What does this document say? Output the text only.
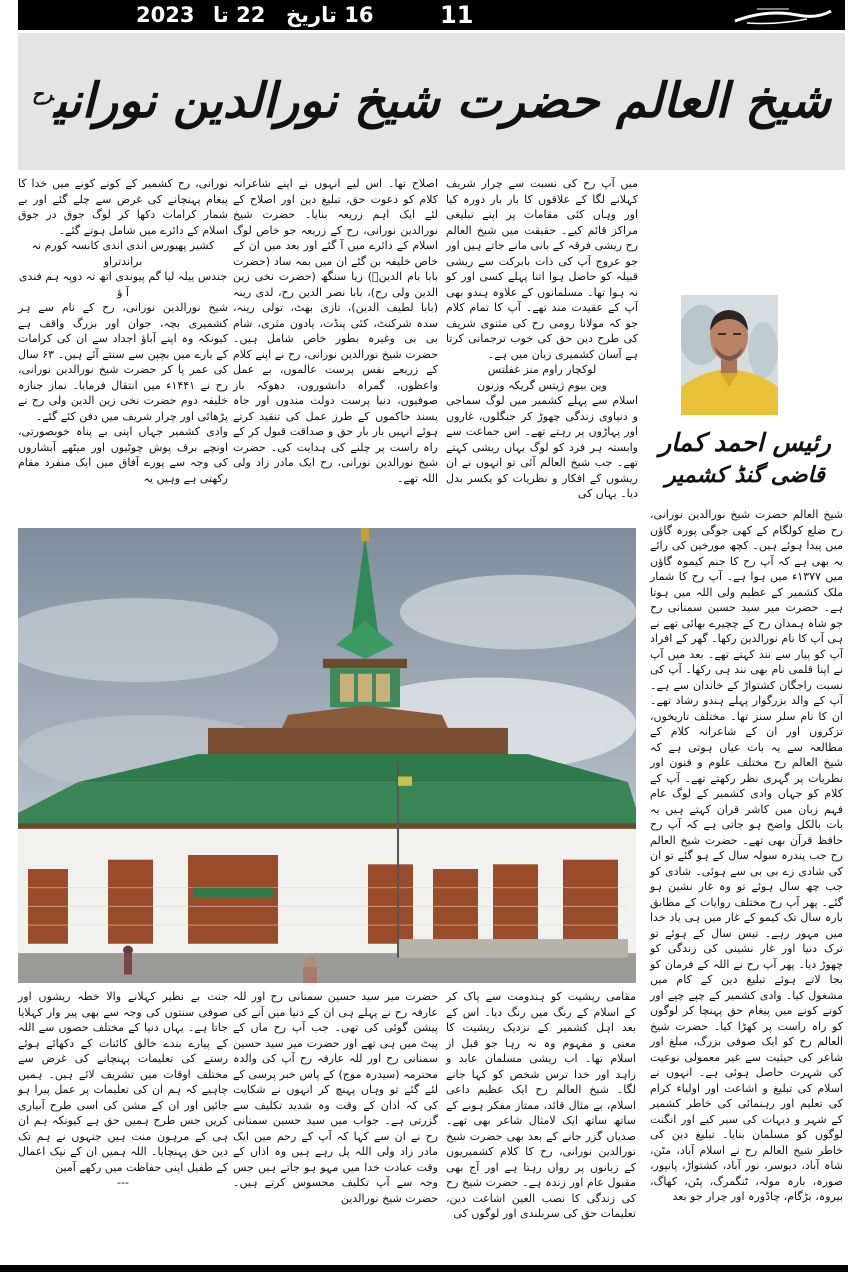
2023 22 تا 16 تاریخ	11
شیخ العالم حضرت شیخ نورالدین نورانی$^{رح}$

میں آپ رح کی نسبت سے چرار شریف کہلانے لگا کے علاقوں کا بار بار دورہ کیا اور وہاں کئی مقامات پر اپنے تبلیغی مراکز قائم کیے۔ حقیقت میں شیخ العالم رح ریشی فرقہ کے بانی مانے جاتے ہیں اور جو عروج آپ کی ذات بابرکت سے ریشی قبیلہ کو حاصل ہوا اتنا پہلے کسی اور کو نہ ہوا تھا۔ مسلمانوں کے علاوہ ہندو بھی آپ کے عقیدت مند تھے۔ آپ کا تمام کلام جو کہ مولانا رومی رح کی مثنوی شریف کی طرح دین حق کی خوب ترجمانی کرتا ہے آسان کشمیری زبان میں ہے۔

لوکچار راوم منز غفلتس

وین بیوم ژیتس گریکہ وزنون

اسلام سے پہلے کشمیر میں لوگ سماجی و دنیاوی زندگی چھوڑ کر جنگلوں، غاروں اور پہاڑوں پر رہتے تھے۔ اس جماعت سے وابستہ ہر فرد کو لوگ یہاں ریشی کہتے تھے۔ جب شیخ العالم آئی تو انہوں نے ان ریشوں کے افکار و نظریات کو یکسر بدل دیا۔ یہاں کی

اصلاح تھا۔ اس لیے انہوں نے اپنے شاعرانہ کلام کو دعوت حق، تبلیغ دین اور اصلاح کے لئے ایک اہم زریعہ بنایا۔ حضرت شیخ نورالدین نورانی، رح کے زریعہ جو خاص لوگ اسلام کے دائرے میں آ گئے اور بعد میں ان کے خاص خلیفہ بن گئے ان میں بمہ ساد (حضرت بابا بام الدینؒ) زیا سنگھ (حضرت نخی زین الدین ولی رح)، بابا نصر الدین رح، لدی رینہ (بابا لطیف الدین)، تازی بھٹ، تولی رینہ، سدہ شرکنٹ، کئی پنڈت، یادون مثری، شام بی بی وغیرہ بطور خاص شامل ہیں۔ حضرت شیخ نورالدین نورانی، رح نے اپنے کلام کے زریعے نفس پرست عالموں، بے عمل واعظوں، گمراہ دانشوروں، دھوکہ باز صوفیوں، دنیا پرست دولت مندوں اور جاہ پسند حاکموں کے طرز عمل کی تنقید کرتے ہوئے انہیں بار بار حق و صداقت قبول کر کے راہ راست پر چلنے کی ہدایت کی۔ حضرت شیخ نورالدین نورانی، رح ایک مادر زاد ولی اللہ تھے۔

نورانی، رح کشمیر کے کونے کونے میں خدا کا پیغام پہنچانے کی غرض سے چلے گئے اور بے شمار کرامات دکھا کر لوگ جوق در جوق اسلام کے دائرے میں شامل ہوتے گئے۔

کشیر پھیورس اندی اندی کانسہ کورم نہ براندتراو

جندس ییلہ لیا گم پیوندی اتھ تہ دوپہ ہم فندی آ ؤ

شیخ نورالدین نورانی، رح کے نام سے ہر کشمیری بچہ، جوان اور بزرگ واقف ہے کیونکہ وہ اپنے آباؤ اجداد سے ان کی کرامات کے بارے میں بچپن سے سنتے آئے ہیں۔ ۶۳ سال کی عمر پا کر حضرت شیخ نورالدین نورانی، رح نے ۱۴۴۱ء میں انتقال فرمایا۔ نماز جنازہ خلیفہ دوم حضرت نخی زین الدین ولی رح نے پڑھائی اور چرار شریف میں دفن کئے گئے۔

وادی کشمیر جہاں اپنی بے پناہ خوبصورتی، اونچے برف پوش چوٹیوں اور میٹھے آبشاروں کی وجہ سے پورے آفاق میں ایک منفرد مقام رکھتی ہے وہیں یہ

رئیس احمد کمار
قاضی گنڈ کشمیر

شیخ العالم حضرت شیخ نورالدین نورانی، رح ضلع کولگام کے کھی جوگی پورہ گاؤں میں پیدا ہوئے ہیں۔ کچھ مورخین کی رائے یہ بھی ہے کہ آپ رح کا جنم کیموہ گاؤں میں ۱۳۷۷ء میں ہوا ہے۔ آپ رح کا شمار ملک کشمیر کے عظیم ولی اللہ میں ہوتا ہے۔ حضرت میر سید حسین سمنانی رح جو شاہ ہمدان رح کے چچیرے بھائی تھے نے ہی آپ کا نام نورالدین رکھا۔ گھر کے افراد آپ کو پیار سے نند کہتے تھے۔ بعد میں آپ نے اپنا قلمی نام بھی نند ہی رکھا۔ آپ کی نسبت راجگان کشتواڑ کے خاندان سے ہے۔ آپ کے والد بزرگوار پہلے ہندو رشاد تھے۔ ان کا نام سلر سنز تھا۔ مختلف تاریخوں، تزکروں اور ان کے شاعرانہ کلام کے مطالعہ سے یہ بات عیاں ہوتی ہے کہ شیخ العالم رح مختلف علوم و فنون اور نظریات پر گہری نظر رکھتے تھے۔ آپ کے کلام کو جہاں وادی کشمیر کے لوگ عام فہم زبان میں کاشر قران کہتے ہیں یہ بات بالکل واضح ہو جاتی ہے کہ آپ رح حافظ قرآن بھی تھے۔ حضرت شیخ العالم رح جب پندرہ سولہ سال کے ہو گئے تو ان کی شادی زے بی بی سے ہوئی۔ شادی کو جب چھ سال ہوئے تو وہ غار نشین ہو گئے۔ پھر آپ رح مختلف روایات کے مطابق بارہ سال تک کیمو کے غار میں ہی یاد خدا میں مہور رہے۔ تیس سال کے ہوئے تو ترک دنیا اور غار نشینی کی زندگی کو چھوڑ دیا۔ پھر آپ رح نے اللہ کے فرمان کو بجا لاتے ہوئے تبلیغ دین کے کام میں مشغول کیا۔ وادی کشمیر کے چپے چپے اور کونے کونے میں پیغام حق پہنچا کر لوگوں کو راہ راست پر کھڑا کیا۔ حضرت شیخ العالم رح کو ایک صوفی بزرگ، مبلغ اور شاعر کی حیثیت سے غیر معمولی نوعیت کی شہرت حاصل ہوئی ہے۔ انہوں نے اسلام کی تبلیغ و اشاعت اور اولیاء کرام کی تعلیم اور رہنمائی کی خاطر کشمیر کے شہر و دیہات کی سیر کیے اور انگنت لوگوں کو مسلمان بنایا۔ تبلیغ دین کی خاطر شیخ العالم رح نے اسلام آباد، مٹن، شاہ آباد، دیوسر، نور آباد، کشتواڑ، پانپور، صورہ، بارہ مولہ، ٹنگمرگ، پٹن، کھاگ، بیروہ، بڑگام، چاڈورہ اور چرار جو بعد

مقامی ریشیت کو ہندومت سے پاک کر کے اسلام کے رنگ میں رنگ دیا۔ اس کے بعد اہل کشمیر کے نزدیک ریشیت کا معنی و مفہوم وہ نہ رہا جو قبل از اسلام تھا۔ اب ریشی مسلمان عابد و زاہد اور خدا ترس شخص کو کہا جانے لگا۔ شیخ العالم رح ایک عظیم داعی اسلام، بے مثال قائد، ممتاز مفکر ہونے کے ساتھ ساتھ ایک لامثال شاعر بھی تھے۔ صدیاں گزر جانے کے بعد بھی حضرت شیخ نورالدین نورانی، رح کا کلام کشمیریوں کے زبانوں پر رواں رہتا ہے اور آج بھی مقبول عام اور زندہ ہے۔ حضرت شیخ رح کی زندگی کا نصب العین اشاعت دین، تعلیمات حق کی سربلندی اور لوگوں کی

حضرت میر سید حسین سمنانی رح اور للہ عارفہ رح نے پہلے ہی ان کے دنیا میں آنے کی پیشن گوئی کی تھی۔ جب آپ رح ماں کے پیٹ میں ہی تھے اور حضرت میر سید حسین سمنانی رح اور للہ عارفہ رح آپ کی والدہ محترمہ (سیدرہ موج) کے پاس خبر پرسی کے لئے گئے تو وہاں پہنچ کر انہوں نے شکایت کی کہ اذان کے وقت وہ شدید تکلیف سے گزرتی ہے۔ جواب میں سید حسین سمنانی رح نے ان سے کہا کہ آپ کے رحم میں ایک مادر زاد ولی اللہ پل رہے ہیں وہ اذاں کے وقت عبادت خدا میں مہو ہو جاتے ہیں جس وجہ سے آپ تکلیف محسوس کرتے ہیں۔ حضرت شیخ نورالدین

جنت بے نظیر کہلانے والا خطہ ریشوں اور صوفی سنتوں کی وجہ سے بھی پیر وار کہلایا جاتا ہے۔ یہاں دنیا کے مختلف حصوں سے اللہ کے پیارے بندے خالق کائنات کے دکھائے ہوئے رستے کی تعلیمات پہنچانے کی غرض سے مختلف اوقات میں تشریف لائے ہیں۔ ہمیں چاہیے کہ ہم ان کی تعلیمات پر عمل پیرا ہو جائیں اور ان کے مشن کی اسی طرح آبیاری کریں جس طرح ہمیں حق ہے کیونکہ ہم ان ہی کے مرہون منت ہیں جنہوں نے ہم تک دین حق پہنچایا۔ اللہ ہمیں ان کے نیک اعمال کے طفیل اپنی حفاظت میں رکھے آمین

---
